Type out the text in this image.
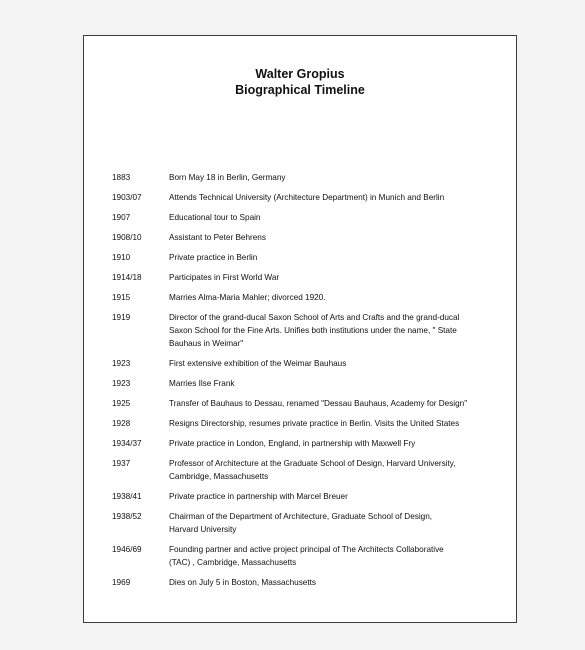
Walter Gropius
Biographical Timeline
1883	Born May 18 in Berlin, Germany
1903/07	Attends Technical University (Architecture Department) in Munich and Berlin
1907	Educational tour to Spain
1908/10	Assistant to Peter Behrens
1910	Private practice in Berlin
1914/18	Participates in First World War
1915	Marries Alma-Maria Mahler; divorced 1920.
1919	Director of the grand-ducal Saxon School of Arts and Crafts and the grand-ducal
Saxon School for the Fine Arts. Unifies both institutions under the name, " State
Bauhaus in Weimar"
1923	First extensive exhibition of the Weimar Bauhaus
1923	Marries Ilse Frank
1925	Transfer of Bauhaus to Dessau, renamed "Dessau Bauhaus, Academy for Design"
1928	Resigns Directorship, resumes private practice in Berlin. Visits the United States
1934/37	Private practice in London, England, in partnership with Maxwell Fry
1937	Professor of Architecture at the Graduate School of Design, Harvard University,
Cambridge, Massachusetts
1938/41	Private practice in partnership with Marcel Breuer
1938/52	Chairman of the Department of Architecture, Graduate School of Design,
Harvard University
1946/69	Founding partner and active project principal of The Architects Collaborative
(TAC) , Cambridge, Massachusetts
1969	Dies on July 5 in Boston, Massachusetts
